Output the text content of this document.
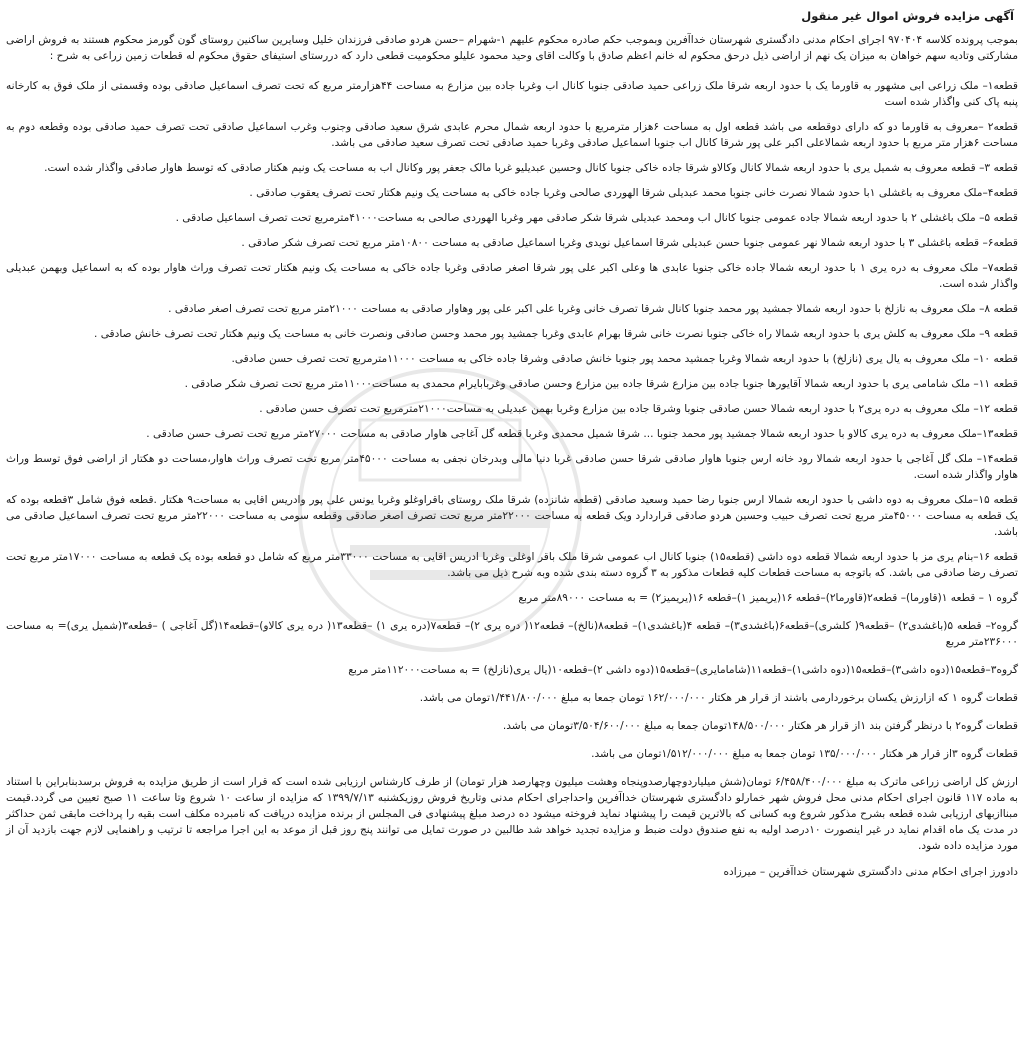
آگهی مزایده فروش اموال غیر منقول
بموجب پرونده کلاسه ۹۷۰۴۰۴ اجرای احکام مدنی دادگستری شهرستان خداآفرین وبموجب حکم صادره محکوم علیهم ۱-شهرام –حسن هردو صادقی فرزندان خلیل وسایرین ساکنین روستای گون گورمز محکوم هستند به فروش اراضی مشارکتی وتادیه سهم خواهان به میزان یک نهم از اراضی ذیل درحق محکوم له خانم اعظم صادق با وکالت اقای وحید محمود علیلو محکومیت قطعی دارد که دررستای استیفای حقوق محکوم له قطعات زمین زراعی به شرح :
قطعه۱– ملک زراعی ابی مشهور به قاورما یک با حدود اربعه شرقا ملک زراعی حمید صادقی جنوبا کانال اب وغربا جاده بین مزارع به مساحت ۴۴هزارمتر مربع که تحت تصرف اسماعیل صادقی بوده وقسمتی از ملک فوق به کارخانه پنبه پاک کنی واگذار شده است
قطعه۲ –معروف به قاورما دو که دارای دوقطعه می باشد قطعه اول به مساحت ۶هزار مترمربع با حدود اربعه شمال محرم عابدی شرق سعید صادقی وجنوب وغرب اسماعیل صادقی تحت تصرف حمید صادقی بوده وقطعه دوم به مساحت ۶هزار متر مربع با حدود اربعه شمالاعلی اکبر علی پور شرقا کانال اب جنوبا اسماعیل صادقی وغربا حمید صادقی تحت تصرف سعید صادقی می باشد.
قطعه ۳– قطعه معروف به شمیل یری با حدود اربعه شمالا کانال وکالاو شرقا جاده خاکی جنوبا کانال وحسین عبدیلیو غربا مالک جعفر پور وکانال اب به مساحت یک ونیم هکتار صادقی که توسط هاوار صادقی واگذار شده است.
قطعه۴–ملک معروف به باغشلی ۱با حدود شمالا نصرت خانی جنوبا محمد عبدیلی شرقا الهوردی صالحی وغربا جاده خاکی به مساحت یک ونیم هکتار تحت تصرف یعقوب صادقی .
قطعه ۵– ملک باغشلی ۲ با حدود اربعه شمالا جاده عمومی جنوبا کانال اب ومحمد عبدیلی شرقا شکر صادقی مهر وغربا الهوردی صالحی به مساحت۴۱۰۰۰مترمربع تحت تصرف اسماعیل صادقی .
قطعه۶– قطعه باغشلی ۳ با حدود اربعه شمالا نهر عمومی جنوبا حسن عبدیلی شرقا اسماعیل نویدی وغربا اسماعیل صادقی به مساحت ۱۰۸۰۰متر مربع تحت تصرف شکر صادقی .
قطعه۷– ملک معروف به دره یری ۱ با حدود اربعه شمالا جاده خاکی جنوبا عابدی ها وعلی اکبر علی پور شرقا اصغر صادقی وغربا جاده خاکی به مساحت یک ونیم هکتار تحت تصرف وراث هاوار بوده که به اسماعیل وبهمن عبدیلی واگذار شده است.
قطعه ۸– ملک معروف به نازلخ با حدود اربعه شمالا جمشید پور محمد جنوبا کانال شرقا تصرف خانی وغربا علی اکبر علی پور وهاوار صادقی به مساحت ۲۱۰۰۰متر مربع تحت تصرف اصغر صادقی .
قطعه ۹– ملک معروف به کلش یری با حدود اربعه شمالا راه خاکی جنوبا نصرت خانی شرقا بهرام عابدی وغربا جمشید پور محمد وحسن صادقی ونصرت خانی به مساحت یک ونیم هکتار تحت تصرف خانش صادقی .
قطعه ۱۰– ملک معروف به یال یری (نازلخ) با حدود اربعه شمالا وغربا جمشید محمد پور جنوبا خانش صادقی وشرقا جاده خاکی به مساحت ۱۱۰۰۰مترمربع تحت تصرف حسن صادقی.
قطعه ۱۱– ملک شامامی یری با حدود اربعه شمالا آقایورها جنوبا جاده بین مزارع شرقا جاده بین مزارع وحسن صادقی وغربابایرام محمدی به مساحت۱۱۰۰۰متر مربع تحت تصرف شکر صادقی .
قطعه ۱۲– ملک معروف به دره یری۲ با حدود اربعه شمالا حسن صادقی جنوبا وشرقا جاده بین مزارع وغربا بهمن عبدیلی به مساحت۲۱۰۰۰مترمربع تحت تصرف حسن صادقی .
قطعه۱۳–ملک معروف به دره یری کالاو با حدود اربعه شمالا جمشید پور محمد جنوبا ... شرقا شمیل محمدی وغربا قطعه گل آغاجی هاوار صادقی به مساحت ۲۷۰۰۰متر مربع تحت تصرف حسن صادقی .
قطعه۱۴– ملک گل آغاجی با حدود اربعه شمالا رود خانه ارس جنوبا هاوار صادقی شرقا حسن صادقی غربا دنیا مالی وبدرخان نجفی به مساحت ۴۵۰۰۰متر مربع تحت تصرف وراث هاوار،مساحت دو هکتار از اراضی فوق توسط وراث هاوار واگذار شده است.
قطعه ۱۵–ملک معروف به دوه داشی با حدود اربعه شمالا ارس جنوبا رضا حمید وسعید صادقی (قطعه شانزده) شرقا ملک روستای باقراوغلو وغربا یونس علی پور وادریس اقایی به مساحت۹ هکتار .قطعه فوق شامل ۳قطعه بوده که یک قطعه به مساحت ۴۵۰۰۰متر مربع تحت تصرف حبیب وحسین هردو صادقی قراردارد ویک قطعه به مساحت ۲۲۰۰۰متر مربع تحت تصرف اصغر صادقی وقطعه سومی به مساحت ۲۲۰۰۰متر مربع تحت تصرف اسماعیل صادقی می باشد.
قطعه ۱۶–بنام یری مز با حدود اربعه شمالا قطعه دوه داشی (قطعه۱۵) جنوبا کانال اب عمومی شرقا ملک باقر اوغلی وغربا ادریس اقایی به مساحت ۳۳۰۰۰متر مربع که شامل دو قطعه بوده یک قطعه به مساحت ۱۷۰۰۰متر مربع تحت تصرف رضا صادقی می باشد. که باتوجه به مساحت قطعات کلیه قطعات مذکور به ۳ گروه دسته بندی شده وبه شرح ذیل می باشد.
گروه ۱ – قطعه ۱(قاورما)– قطعه۲(قاورما۲)–قطعه ۱۶(یریمیز ۱)–قطعه ۱۶(یریمیز۲) = به مساحت ۸۹۰۰۰متر مربع
گروه۲– قطعه ۵(باغشدی۲) –قطعه۹( کلشری)–قطعه۶(باغشدی۳)– قطعه ۴(باغشدی۱)– قطعه۸(نالخ)– قطعه۱۲( دره یری ۲)– قطعه۷(دره یری ۱) –قطعه۱۳( دره یری کالاو)–قطعه۱۴(گل آغاجی ) –قطعه۳(شمیل یری)= به مساحت ۲۳۶۰۰۰متر مربع
گروه۳–قطعه۱۵(دوه داشی۳)–قطعه۱۵(دوه داشی۱)–قطعه۱۱(شامامایری)–قطعه۱۵(دوه داشی ۲)–قطعه۱۰(یال یری(نازلخ) = به مساحت۱۱۲۰۰۰متر مربع
قطعات گروه ۱ که ازارزش یکسان برخوردارمی باشند از قرار هر هکتار ۱۶۲/۰۰۰/۰۰۰ تومان جمعا به مبلغ ۱/۴۴۱/۸۰۰/۰۰۰تومان می باشد.
قطعات گروه۲ با درنظر گرفتن بند ۱از قرار هر هکتار ۱۴۸/۵۰۰/۰۰۰تومان جمعا به مبلغ ۳/۵۰۴/۶۰۰/۰۰۰تومان می باشد.
قطعات گروه ۳از قرار هر هکتار ۱۳۵/۰۰۰/۰۰۰ تومان جمعا به مبلغ ۱/۵۱۲/۰۰۰/۰۰۰تومان می باشد.
ارزش کل اراضی زراعی ماترک به مبلغ ۶/۴۵۸/۴۰۰/۰۰۰ تومان(شش میلیاردوچهارصدوپنجاه وهشت میلیون وچهارصد هزار تومان) از طرف کارشناس ارزیابی شده است که قرار است از طریق مزایده به فروش برسدبنابراین با استناد به ماده ۱۱۷ قانون اجرای احکام مدنی محل فروش شهر خمارلو دادگستری شهرستان خداآفرین واحداجرای احکام مدنی وتاریخ فروش روزیکشنبه ۱۳۹۹/۷/۱۳ که مزایده از ساعت ۱۰ شروع وتا ساعت ۱۱ صبح تعیین می گردد.قیمت مبناازبهای ارزیابی شده قطعه بشرح مذکور شروع وبه کسانی که بالاترین قیمت را پیشنهاد نماید فروخته میشود ده درصد مبلغ پیشنهادی فی المجلس از برنده مزایده دریافت که نامبرده مکلف است بقیه را پرداخت مابقی ثمن حداکثر در مدت یک ماه اقدام نماید در غیر اینصورت ۱۰درصد اولیه به نفع صندوق دولت ضبط و مزایده تجدید خواهد شد طالبین در صورت تمایل می توانند پنج روز قبل از موعد به این اجرا مراجعه تا ترتیب و راهنمایی لازم جهت بازدید آن از مورد مزایده داده شود.
دادورز اجرای احکام مدنی دادگستری شهرستان خداآفرین – میرزاده
